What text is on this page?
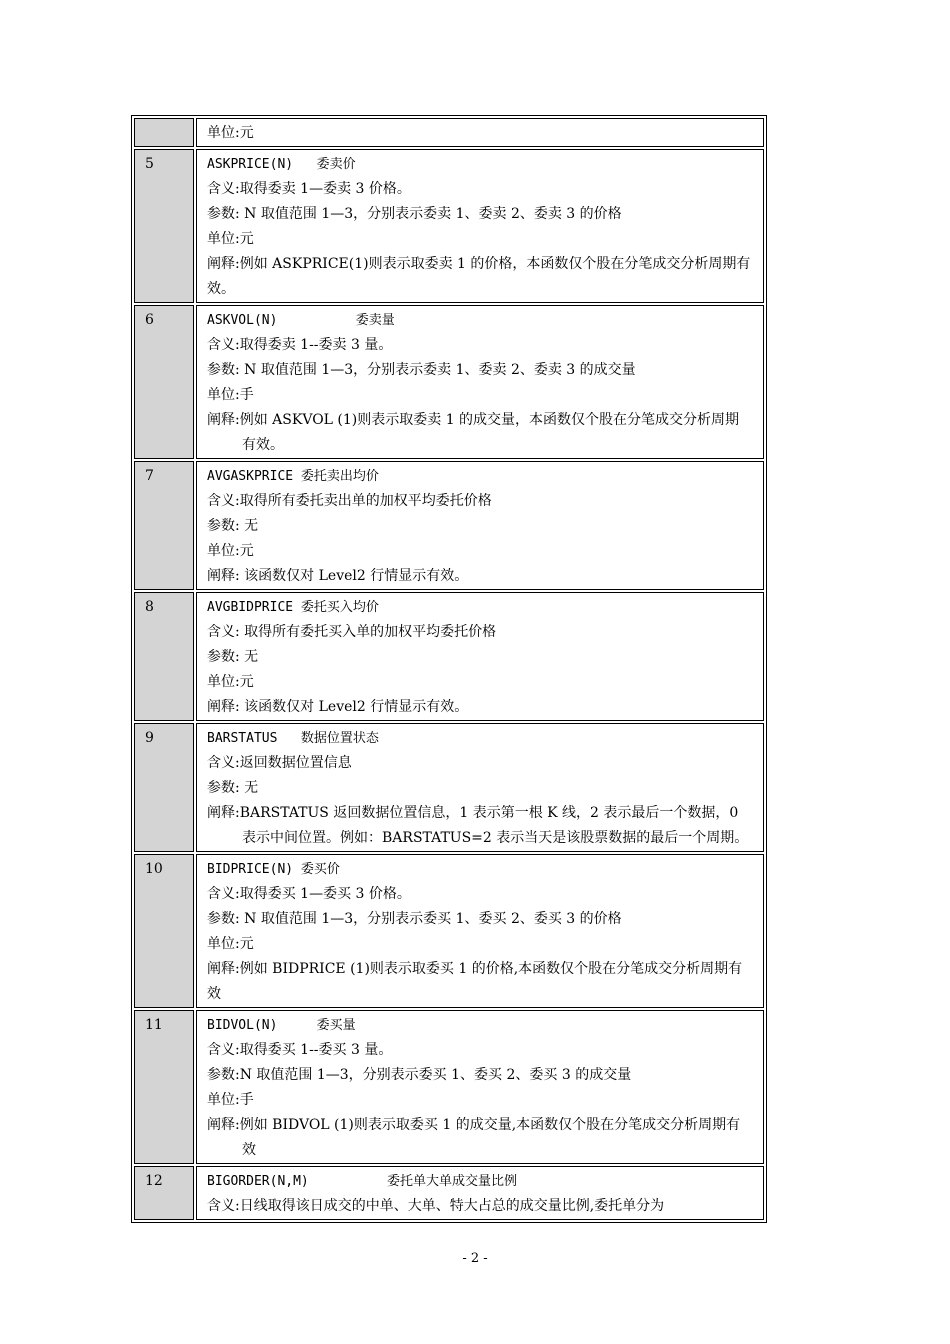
	单位:元

5	ASKPRICE(N)   委卖价
含义:取得委卖 1—委卖 3 价格。
参数: N 取值范围 1—3，分别表示委卖 1、委卖 2、委卖 3 的价格
单位:元
阐释:例如 ASKPRICE(1)则表示取委卖 1 的价格，本函数仅个股在分笔成交分析周期有效。

6	ASKVOL(N)          委卖量
含义:取得委卖 1--委卖 3 量。
参数: N 取值范围 1—3，分别表示委卖 1、委卖 2、委卖 3 的成交量
单位:手
阐释:例如 ASKVOL (1)则表示取委卖 1 的成交量，本函数仅个股在分笔成交分析周期有效。

7	AVGASKPRICE 委托卖出均价
含义:取得所有委托卖出单的加权平均委托价格
参数: 无
单位:元
阐释: 该函数仅对 Level2 行情显示有效。

8	AVGBIDPRICE 委托买入均价
含义: 取得所有委托买入单的加权平均委托价格
参数: 无
单位:元
阐释: 该函数仅对 Level2 行情显示有效。

9	BARSTATUS   数据位置状态
含义:返回数据位置信息
参数: 无
阐释:BARSTATUS 返回数据位置信息，1 表示第一根 K 线，2 表示最后一个数据，0 表示中间位置。例如：BARSTATUS=2 表示当天是该股票数据的最后一个周期。

10	BIDPRICE(N) 委买价
含义:取得委买 1—委买 3 价格。
参数: N 取值范围 1—3，分别表示委买 1、委买 2、委买 3 的价格
单位:元
阐释:例如 BIDPRICE (1)则表示取委买 1 的价格,本函数仅个股在分笔成交分析周期有效

11	BIDVOL(N)     委买量
含义:取得委买 1--委买 3 量。
参数:N 取值范围 1—3，分别表示委买 1、委买 2、委买 3 的成交量
单位:手
阐释:例如 BIDVOL (1)则表示取委买 1 的成交量,本函数仅个股在分笔成交分析周期有效

12	BIGORDER(N,M)          委托单大单成交量比例
含义:日线取得该日成交的中单、大单、特大占总的成交量比例,委托单分为
- 2 -
